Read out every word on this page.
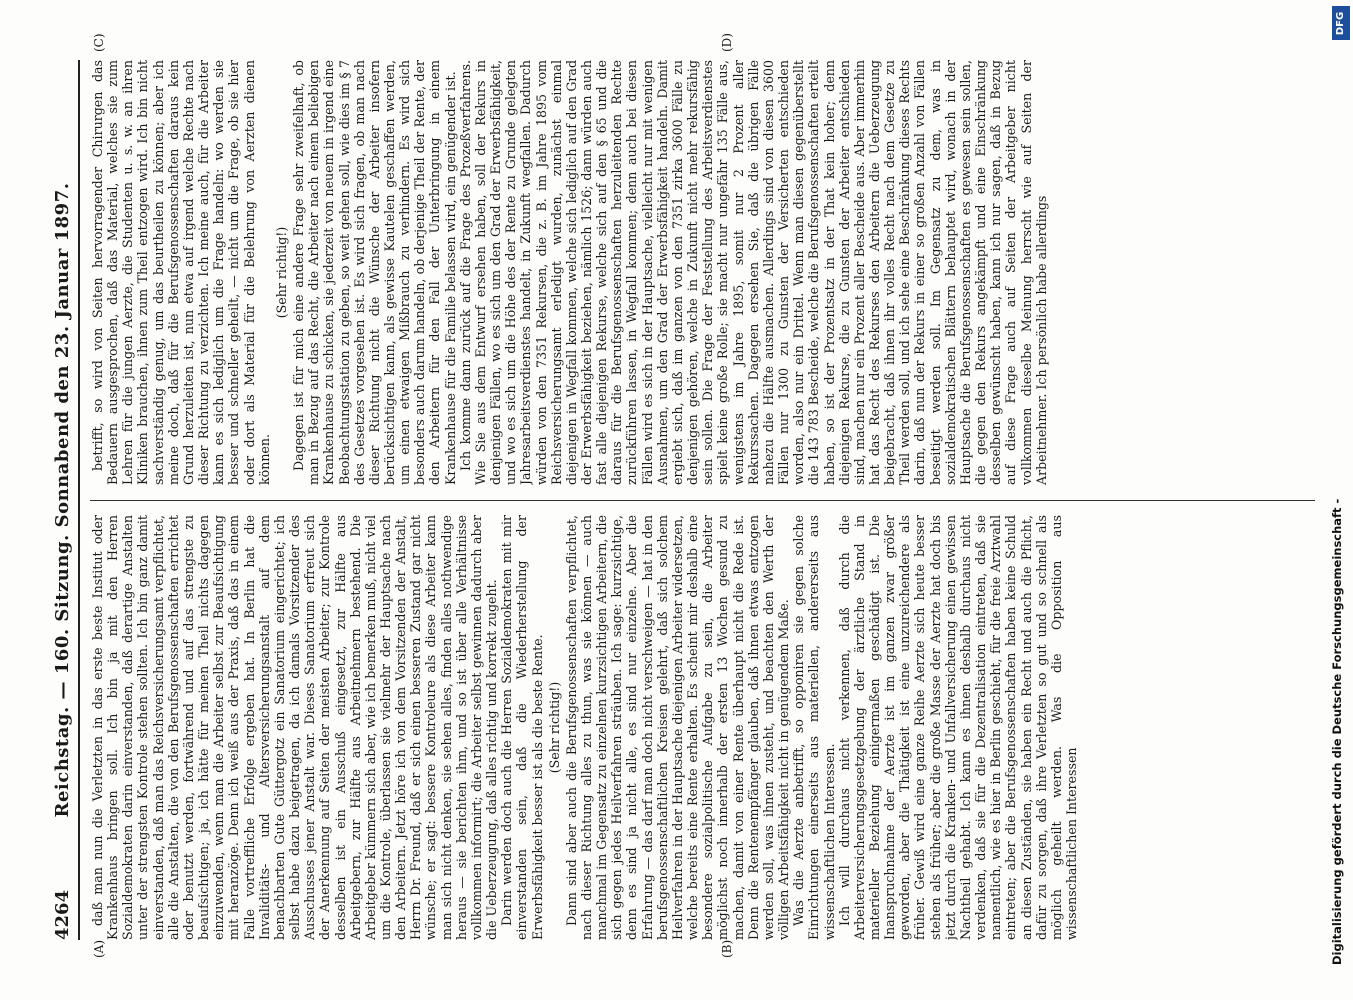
4264
Reichstag. — 160. Sitzung. Sonnabend den 23. Januar 1897.
(A)	(B)
(C)	(D)

daß man nun die Verletzten in das erste beste Institut oder Krankenhaus bringen soll. Ich bin ja mit den Herren Sozialdemokraten darin einverstanden, daß derartige Anstalten unter der strengsten Kontrole stehen sollten. Ich bin ganz damit einverstanden, daß man das Reichsversicherungsamt verpflichtet, alle die Anstalten, die von den Berufsgenossenschaften errichtet oder benutzt werden, fortwährend und auf das strengste zu beaufsichtigen; ja, ich hätte für meinen Theil nichts dagegen einzuwenden, wenn man die Arbeiter selbst zur Beaufsichtigung mit heranzöge. Denn ich weiß aus der Praxis, daß das in einem Falle vortreffliche Erfolge ergeben hat. In Berlin hat die Invaliditäts- und Altersversicherungsanstalt auf dem benachbarten Gute Güttergotz ein Sanatorium eingerichtet; ich selbst habe dazu beigetragen, da ich damals Vorsitzender des Ausschusses jener Anstalt war. Dieses Sanatorium erfreut sich der Anerkennung auf Seiten der meisten Arbeiter; zur Kontrole desselben ist ein Ausschuß eingesetzt, zur Hälfte aus Arbeitgebern, zur Hälfte aus Arbeitnehmern bestehend. Die Arbeitgeber kümmern sich aber, wie ich bemerken muß, nicht viel um die Kontrole, überlassen sie vielmehr der Hauptsache nach den Arbeitern. Jetzt höre ich von dem Vorsitzenden der Anstalt, Herrn Dr. Freund, daß er sich einen besseren Zustand gar nicht wünsche; er sagt: bessere Kontroleure als diese Arbeiter kann man sich nicht denken, sie sehen alles, finden alles nothwendige heraus — sie berichten ihm, und so ist über alle Verhältnisse vollkommen informirt; die Arbeiter selbst gewinnen dadurch aber die Ueberzeugung, daß alles richtig und korrekt zugeht. Darin werden doch auch die Herren Sozialdemokraten mit mir einverstanden sein, daß die Wiederherstellung der Erwerbsfähigkeit besser ist als die beste Rente. (Sehr richtig!) Dann sind aber auch die Berufsgenossenschaften verpflichtet, nach dieser Richtung alles zu thun, was sie können — auch manchmal im Gegensatz zu einzelnen kurzsichtigen Arbeitern, die sich gegen jedes Heilverfahren sträuben. Ich sage: kurzsichtige, denn es sind ja nicht alle, es sind nur einzelne. Aber die Erfahrung — das darf man doch nicht verschweigen — hat in den berufsgenossenschaftlichen Kreisen gelehrt, daß sich solchem Heilverfahren in der Hauptsache diejenigen Arbeiter widersetzen, welche bereits eine Rente erhalten. Es scheint mir deshalb eine besondere sozialpolitische Aufgabe zu sein, die Arbeiter möglichst noch innerhalb der ersten 13 Wochen gesund zu machen, damit von einer Rente überhaupt nicht die Rede ist. Denn die Rentenempfänger glauben, daß ihnen etwas entzogen werden soll, was ihnen zusteht, und beachten den Werth der völligen Arbeitsfähigkeit nicht in genügendem Maße. Was die Aerzte anbetrifft, so opponiren sie gegen solche Einrichtungen einerseits aus materiellen, andererseits aus wissenschaftlichen Interessen. Ich will durchaus nicht verkennen, daß durch die Arbeiterversicherungsgesetzgebung der ärztliche Stand in materieller Beziehung einigermaßen geschädigt ist. Die Inanspruchnahme der Aerzte ist im ganzen zwar größer geworden, aber die Thätigkeit ist eine unzureichendere als früher. Gewiß wird eine ganze Reihe Aerzte sich heute besser stehen als früher; aber die große Masse der Aerzte hat doch bis jetzt durch die Kranken- und Unfallversicherung einen gewissen Nachtheil gehabt. Ich kann es ihnen deshalb durchaus nicht verdenken, daß sie für die Dezentralisation eintreten, daß sie namentlich, wie es hier in Berlin geschieht, für die freie Arztwahl eintreten; aber die Berufsgenossenschaften haben keine Schuld an diesen Zuständen, sie haben ein Recht und auch die Pflicht, dafür zu sorgen, daß ihre Verletzten so gut und so schnell als möglich geheilt werden. Was die Opposition aus wissenschaftlichen Interessen

betrifft, so wird von Seiten hervorragender Chirurgen das Bedauern ausgesprochen, daß das Material, welches sie zum Lehren für die jungen Aerzte, die Studenten u. s. w. an ihren Kliniken brauchen, ihnen zum Theil entzogen wird. Ich bin nicht sachverständig genug, um das beurtheilen zu können; aber ich meine doch, daß für die Berufsgenossenschaften daraus kein Grund herzuleiten ist, nun etwa auf irgend welche Rechte nach dieser Richtung zu verzichten. Ich meine auch, für die Arbeiter kann es sich lediglich um die Frage handeln: wo werden sie besser und schneller geheilt, — nicht um die Frage, ob sie hier oder dort als Material für die Belehrung von Aerzten dienen können.

(Sehr richtig!) Dagegen ist für mich eine andere Frage sehr zweifelhaft, ob man in Bezug auf das Recht, die Arbeiter nach einem beliebigen Krankenhause zu schicken, sie jederzeit von neuem in irgend eine Beobachtungsstation zu geben, so weit gehen soll, wie dies im § 7 des Gesetzes vorgesehen ist. Es wird sich fragen, ob man nach dieser Richtung nicht die Wünsche der Arbeiter insofern berücksichtigen kann, als gewisse Kautelen geschaffen werden, um einen etwaigen Mißbrauch zu verhindern. Es wird sich besonders auch darum handeln, ob derjenige Theil der Rente, der den Arbeitern für den Fall der Unterbringung in einem Krankenhause für die Familie belassen wird, ein genügender ist. Ich komme dann zurück auf die Frage des Prozeßverfahrens. Wie Sie aus dem Entwurf ersehen haben, soll der Rekurs in denjenigen Fällen, wo es sich um den Grad der Erwerbsfähigkeit, und wo es sich um die Höhe des der Rente zu Grunde gelegten Jahresarbeitsverdienstes handelt, in Zukunft wegfallen. Dadurch würden von den 7351 Rekursen, die z. B. im Jahre 1895 vom Reichsversicherungsamt erledigt wurden, zunächst einmal diejenigen in Wegfall kommen, welche sich lediglich auf den Grad der Erwerbsfähigkeit beziehen, nämlich 1526; dann würden auch fast alle diejenigen Rekurse, welche sich auf den § 65 und die daraus für die Berufsgenossenschaften herzuleitenden Rechte zurückführen lassen, in Wegfall kommen; denn auch bei diesen Fällen wird es sich in der Hauptsache, vielleicht nur mit wenigen Ausnahmen, um den Grad der Erwerbsfähigkeit handeln. Damit ergiebt sich, daß im ganzen von den 7351 zirka 3600 Fälle zu denjenigen gehören, welche in Zukunft nicht mehr rekursfähig sein sollen. Die Frage der Feststellung des Arbeitsverdienstes spielt keine große Rolle; sie macht nur ungefähr 135 Fälle aus, wenigstens im Jahre 1895, somit nur 2 Prozent aller Rekurssachen. Dagegen ersehen Sie, daß die übrigen Fälle nahezu die Hälfte ausmachen. Allerdings sind von diesen 3600 Fällen nur 1300 zu Gunsten der Versicherten entschieden worden, also nur ein Drittel. Wenn man diesen gegenüberstellt die 143 783 Bescheide, welche die Berufsgenossenschaften erteilt haben, so ist der Prozentsatz in der That kein hoher; denn diejenigen Rekurse, die zu Gunsten der Arbeiter entschieden sind, machen nur ein Prozent aller Bescheide aus. Aber immerhin hat das Recht des Rekurses den Arbeitern die Ueberzeugung beigebracht, daß ihnen ihr volles Recht nach dem Gesetze zu Theil werden soll, und ich sehe eine Beschränkung dieses Rechts darin, daß nun der Rekurs in einer so großen Anzahl von Fällen beseitigt werden soll. Im Gegensatz zu dem, was in sozialdemokratischen Blättern behauptet wird, wonach in der Hauptsache die Berufsgenossenschaften es gewesen sein sollen, die gegen den Rekurs angekämpft und eine Einschränkung desselben gewünscht haben, kann ich nur sagen, daß in Bezug auf diese Frage auch auf Seiten der Arbeitgeber nicht vollkommen dieselbe Meinung herrscht wie auf Seiten der Arbeitnehmer. Ich persönlich habe allerdings

DFG
Digitalisierung gefördert durch die Deutsche Forschungsgemeinschaft -
